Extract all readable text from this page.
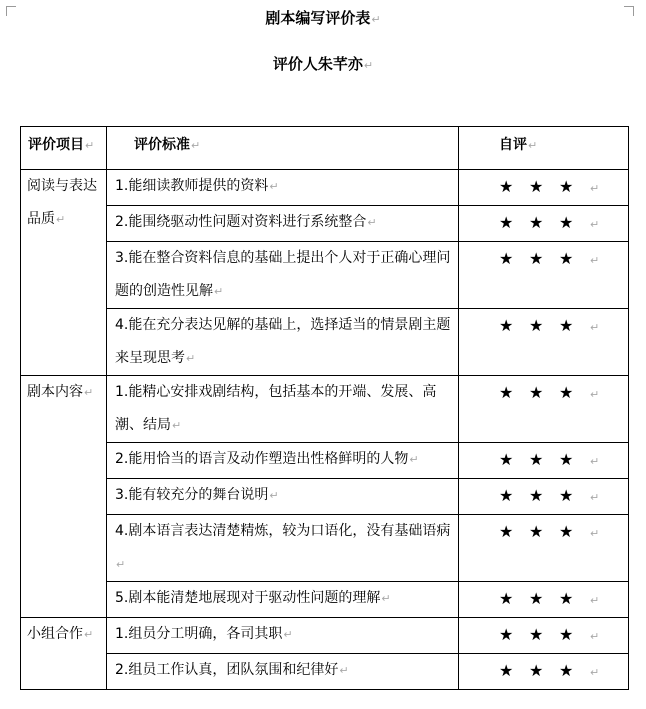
剧本编写评价表↵
评价人朱芊亦↵
评价项目↵	评价标准↵	自评↵

阅读与表达品质↵	1.能细读教师提供的资料↵	★ ★ ★ ↵
	2.能围绕驱动性问题对资料进行系统整合↵	★ ★ ★ ↵
	3.能在整合资料信息的基础上提出个人对于正确心理问题的创造性见解↵	★ ★ ★ ↵
	4.能在充分表达见解的基础上，选择适当的情景剧主题来呈现思考↵	★ ★ ★ ↵
剧本内容↵	1.能精心安排戏剧结构，包括基本的开端、发展、高潮、结局↵	★ ★ ★ ↵
	2.能用恰当的语言及动作塑造出性格鲜明的人物↵	★ ★ ★ ↵
	3.能有较充分的舞台说明↵	★ ★ ★ ↵
	4.剧本语言表达清楚精炼，较为口语化，没有基础语病↵	★ ★ ★ ↵
	5.剧本能清楚地展现对于驱动性问题的理解↵	★ ★ ★ ↵
小组合作↵	1.组员分工明确，各司其职↵	★ ★ ★ ↵
	2.组员工作认真，团队氛围和纪律好↵	★ ★ ★ ↵
